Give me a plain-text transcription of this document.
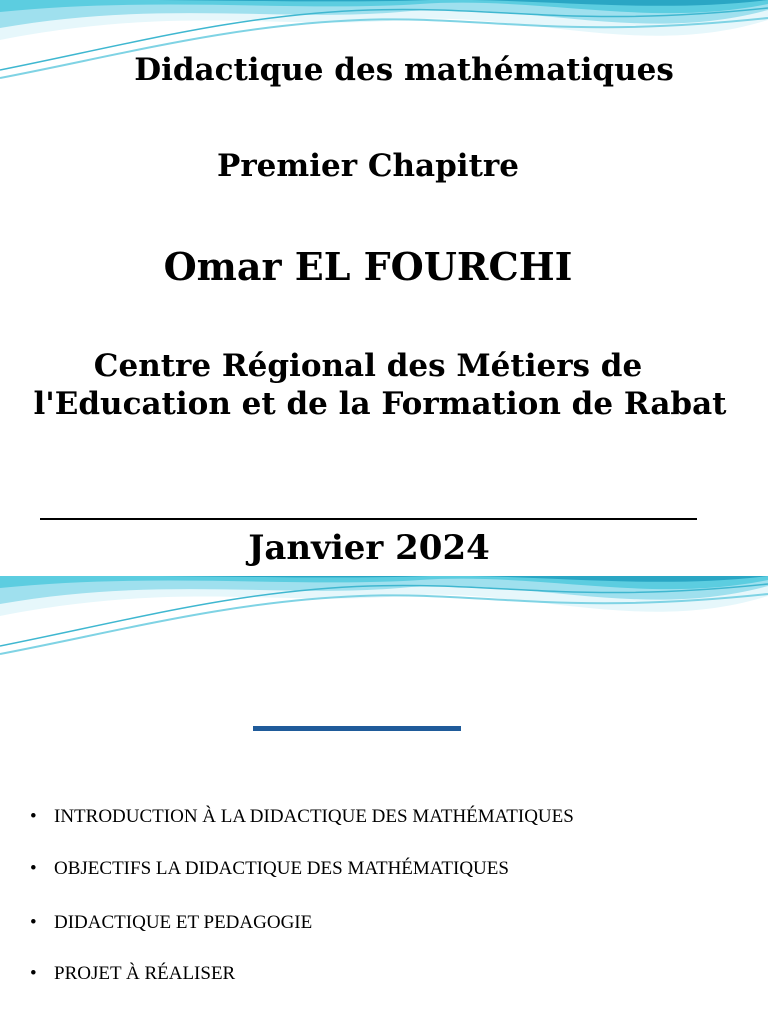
Didactique des mathématiques
Premier Chapitre
Omar EL FOURCHI
Centre Régional des Métiers de
l'Education et de la Formation de Rabat
Janvier 2024
• INTRODUCTION À LA DIDACTIQUE DES MATHÉMATIQUES
• OBJECTIFS LA DIDACTIQUE DES MATHÉMATIQUES
• DIDACTIQUE ET PEDAGOGIE
• PROJET À RÉALISER
